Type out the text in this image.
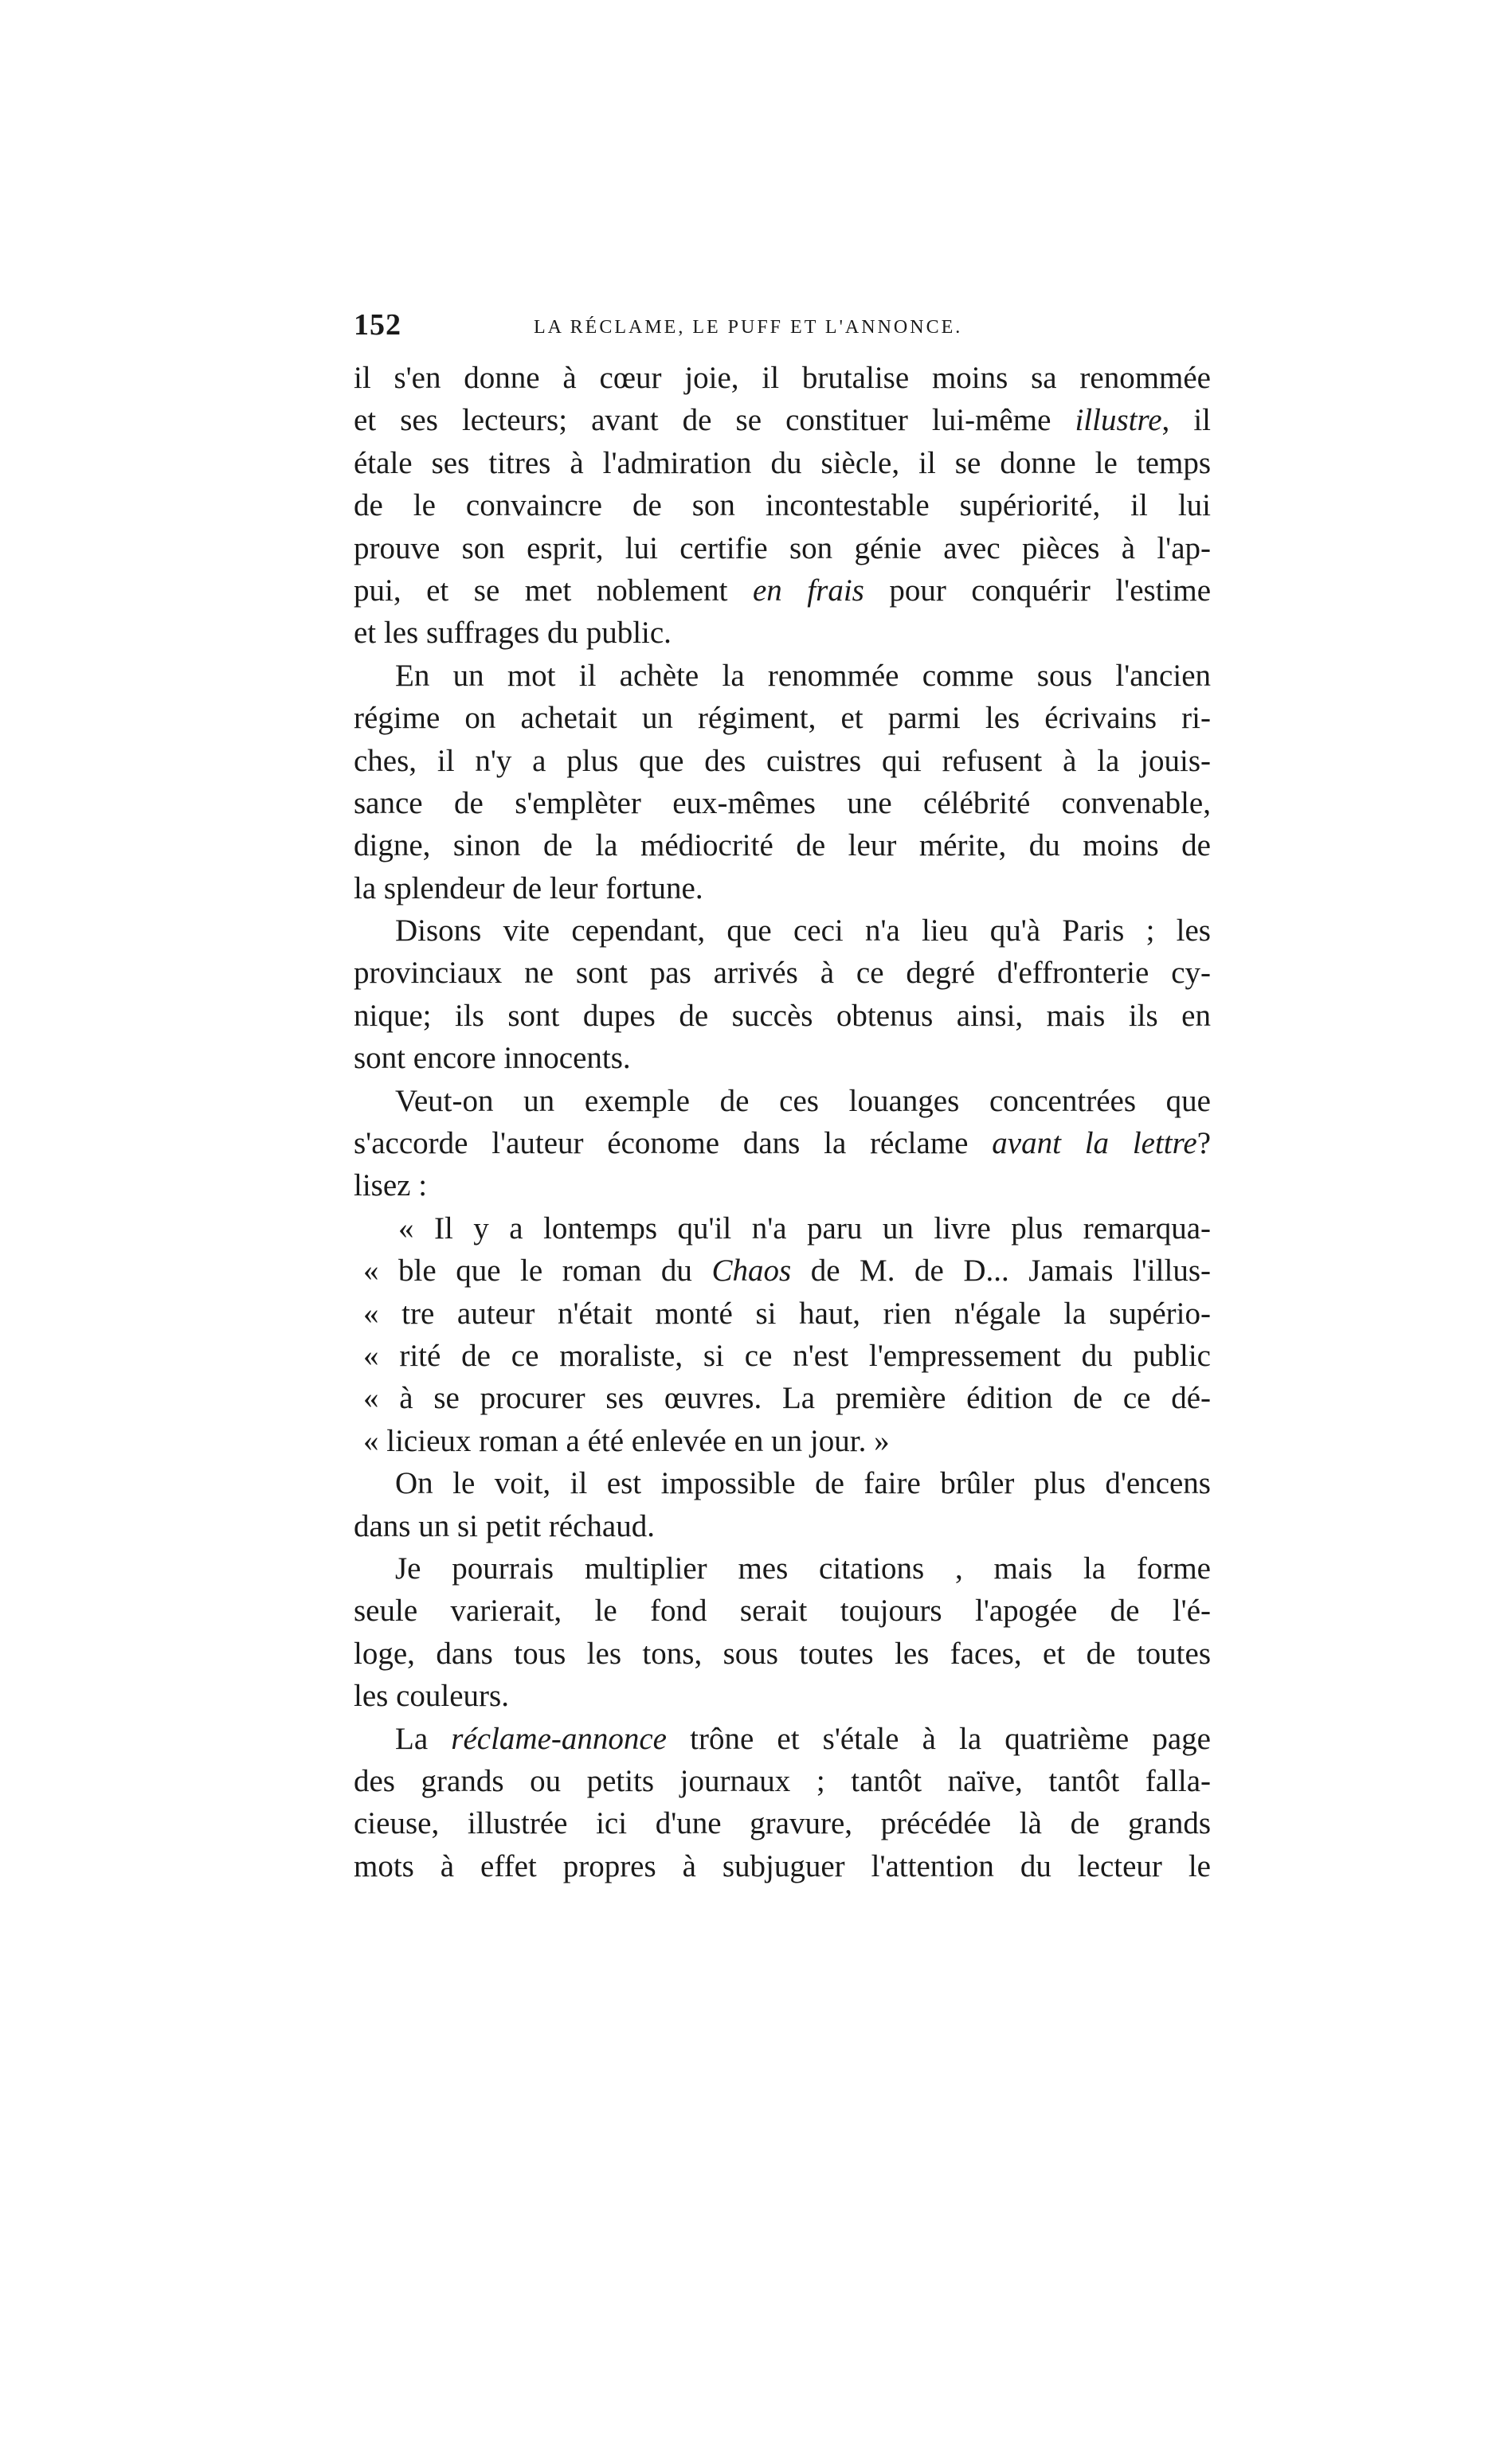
152	LA RÉCLAME, LE PUFF ET L'ANNONCE.
il s'en donne à cœur joie, il brutalise moins sa renommée
et ses lecteurs; avant de se constituer lui-même illustre, il
étale ses titres à l'admiration du siècle, il se donne le temps
de le convaincre de son incontestable supériorité, il lui
prouve son esprit, lui certifie son génie avec pièces à l'ap-
pui, et se met noblement en frais pour conquérir l'estime
et les suffrages du public.
En un mot il achète la renommée comme sous l'ancien
régime on achetait un régiment, et parmi les écrivains ri-
ches, il n'y a plus que des cuistres qui refusent à la jouis-
sance de s'emplèter eux-mêmes une célébrité convenable,
digne, sinon de la médiocrité de leur mérite, du moins de
la splendeur de leur fortune.
Disons vite cependant, que ceci n'a lieu qu'à Paris ; les
provinciaux ne sont pas arrivés à ce degré d'effronterie cy-
nique; ils sont dupes de succès obtenus ainsi, mais ils en
sont encore innocents.
Veut-on un exemple de ces louanges concentrées que
s'accorde l'auteur économe dans la réclame avant la lettre?
lisez :
« Il y a lontemps qu'il n'a paru un livre plus remarqua-
« ble que le roman du Chaos de M. de D... Jamais l'illus-
« tre auteur n'était monté si haut, rien n'égale la supério-
« rité de ce moraliste, si ce n'est l'empressement du public
« à se procurer ses œuvres. La première édition de ce dé-
« licieux roman a été enlevée en un jour. »
On le voit, il est impossible de faire brûler plus d'encens
dans un si petit réchaud.
Je pourrais multiplier mes citations , mais la forme
seule varierait, le fond serait toujours l'apogée de l'é-
loge, dans tous les tons, sous toutes les faces, et de toutes
les couleurs.
La réclame-annonce trône et s'étale à la quatrième page
des grands ou petits journaux ; tantôt naïve, tantôt falla-
cieuse, illustrée ici d'une gravure, précédée là de grands
mots à effet propres à subjuguer l'attention du lecteur le
